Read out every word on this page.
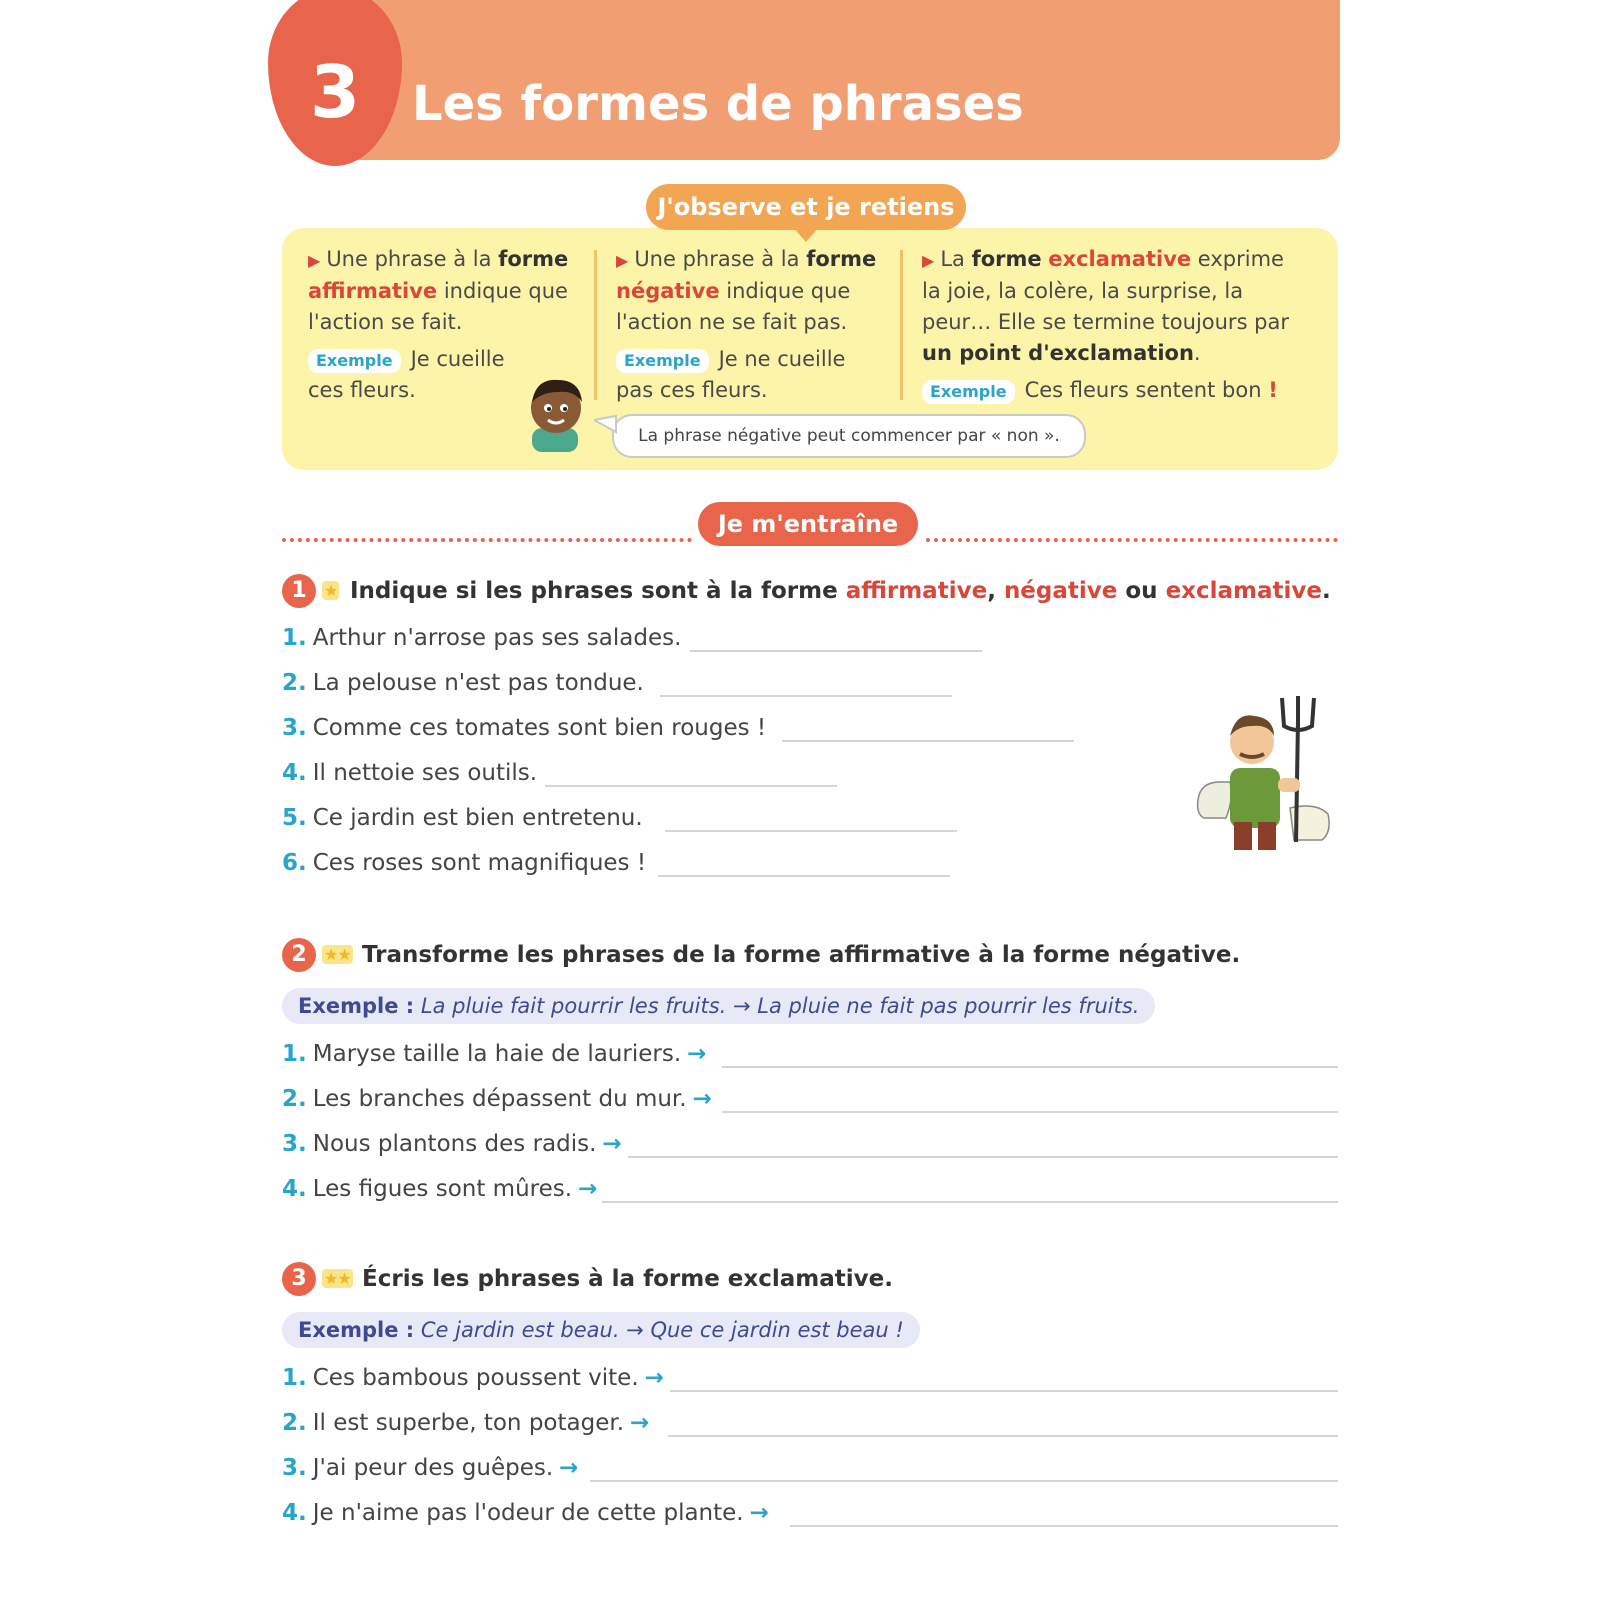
3	Les formes de phrases
J'observe et je retiens
▶ Une phrase à la forme affirmative indique que l'action se fait.
Exemple Je cueille ces fleurs.
▶ Une phrase à la forme négative indique que l'action ne se fait pas.
Exemple Je ne cueille pas ces fleurs.
▶ La forme exclamative exprime la joie, la colère, la surprise, la peur… Elle se termine toujours par un point d'exclamation.
Exemple Ces fleurs sentent bon !
La phrase négative peut commencer par « non ».
Je m'entraîne
1	★ Indique si les phrases sont à la forme affirmative, négative ou exclamative.
1. Arthur n'arrose pas ses salades.
2. La pelouse n'est pas tondue.
3. Comme ces tomates sont bien rouges !
4. Il nettoie ses outils.
5. Ce jardin est bien entretenu.
6. Ces roses sont magnifiques !
2	★★ Transforme les phrases de la forme affirmative à la forme négative.
Exemple : La pluie fait pourrir les fruits. → La pluie ne fait pas pourrir les fruits.
1. Maryse taille la haie de lauriers. →
2. Les branches dépassent du mur. →
3. Nous plantons des radis. →
4. Les figues sont mûres. →
3	★★ Écris les phrases à la forme exclamative.
Exemple : Ce jardin est beau. → Que ce jardin est beau !
1. Ces bambous poussent vite. →
2. Il est superbe, ton potager. →
3. J'ai peur des guêpes. →
4. Je n'aime pas l'odeur de cette plante. →
